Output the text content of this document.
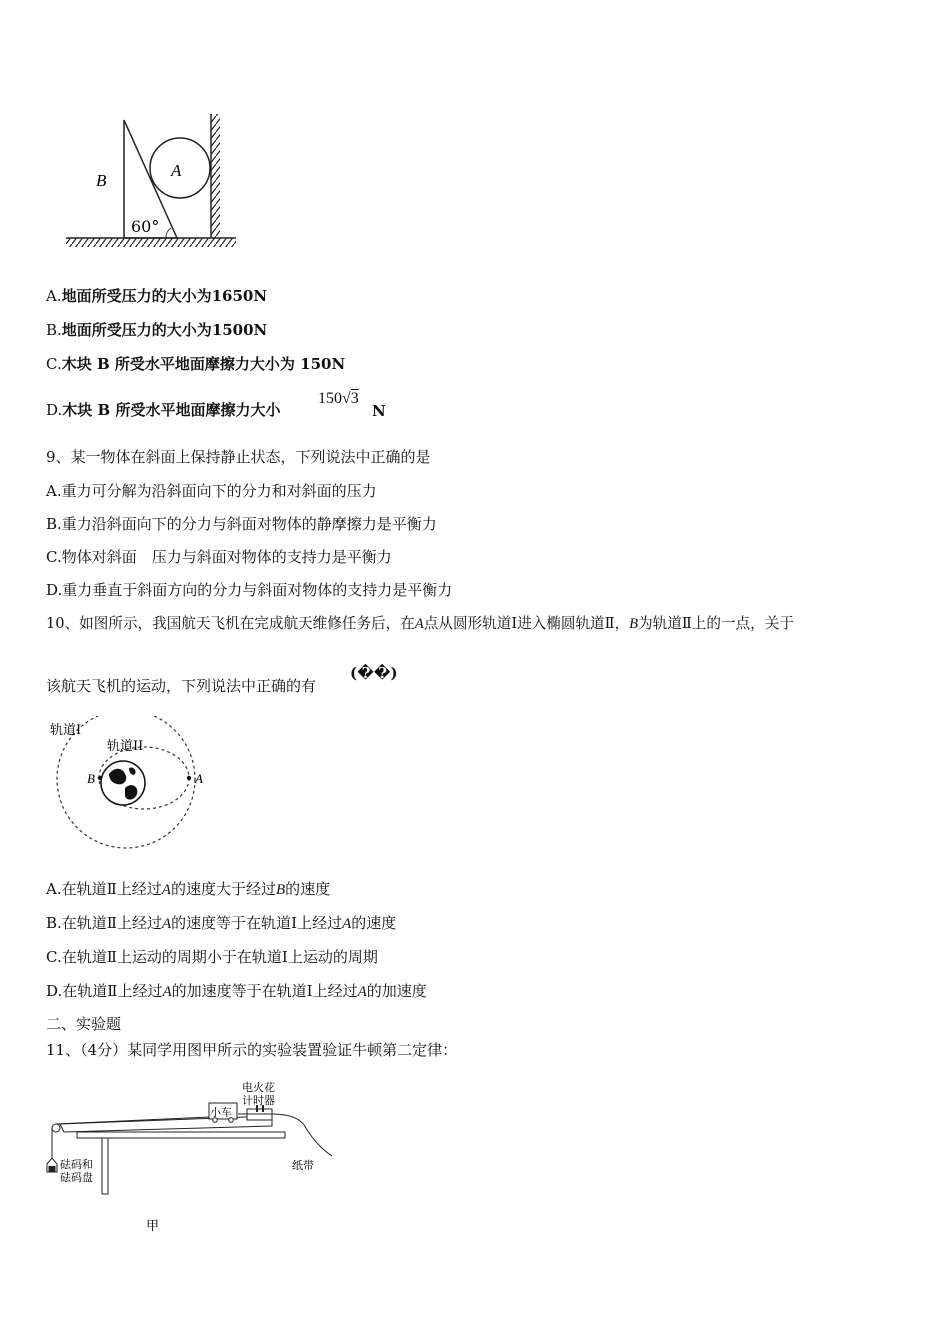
A
B
60°
A.地面所受压力的大小为1650N
B.地面所受压力的大小为1500N
C.木块 B 所受水平地面摩擦力大小为 150N
D.木块 B 所受水平地面摩擦力大小
150√3
N
9、某一物体在斜面上保持静止状态，下列说法中正确的是
A.重力可分解为沿斜面向下的分力和对斜面的压力
B.重力沿斜面向下的分力与斜面对物体的静摩擦力是平衡力
C.物体对斜面　压力与斜面对物体的支持力是平衡力
D.重力垂直于斜面方向的分力与斜面对物体的支持力是平衡力
10、如图所示，我国航天飞机在完成航天维修任务后，在A点从圆形轨道Ⅰ进入椭圆轨道Ⅱ，B为轨道Ⅱ上的一点，关于
该航天飞机的运动，下列说法中正确的有
(��)
轨道I
轨道II
A
B
A.在轨道Ⅱ上经过A的速度大于经过B的速度
B.在轨道Ⅱ上经过A的速度等于在轨道Ⅰ上经过A的速度
C.在轨道Ⅱ上运动的周期小于在轨道Ⅰ上运动的周期
D.在轨道Ⅱ上经过A的加速度等于在轨道Ⅰ上经过A的加速度
二、实验题
11、（4分）某同学用图甲所示的实验装置验证牛顿第二定律：
小车
电火花
计时器
纸带
砝码和
砝码盘
甲
